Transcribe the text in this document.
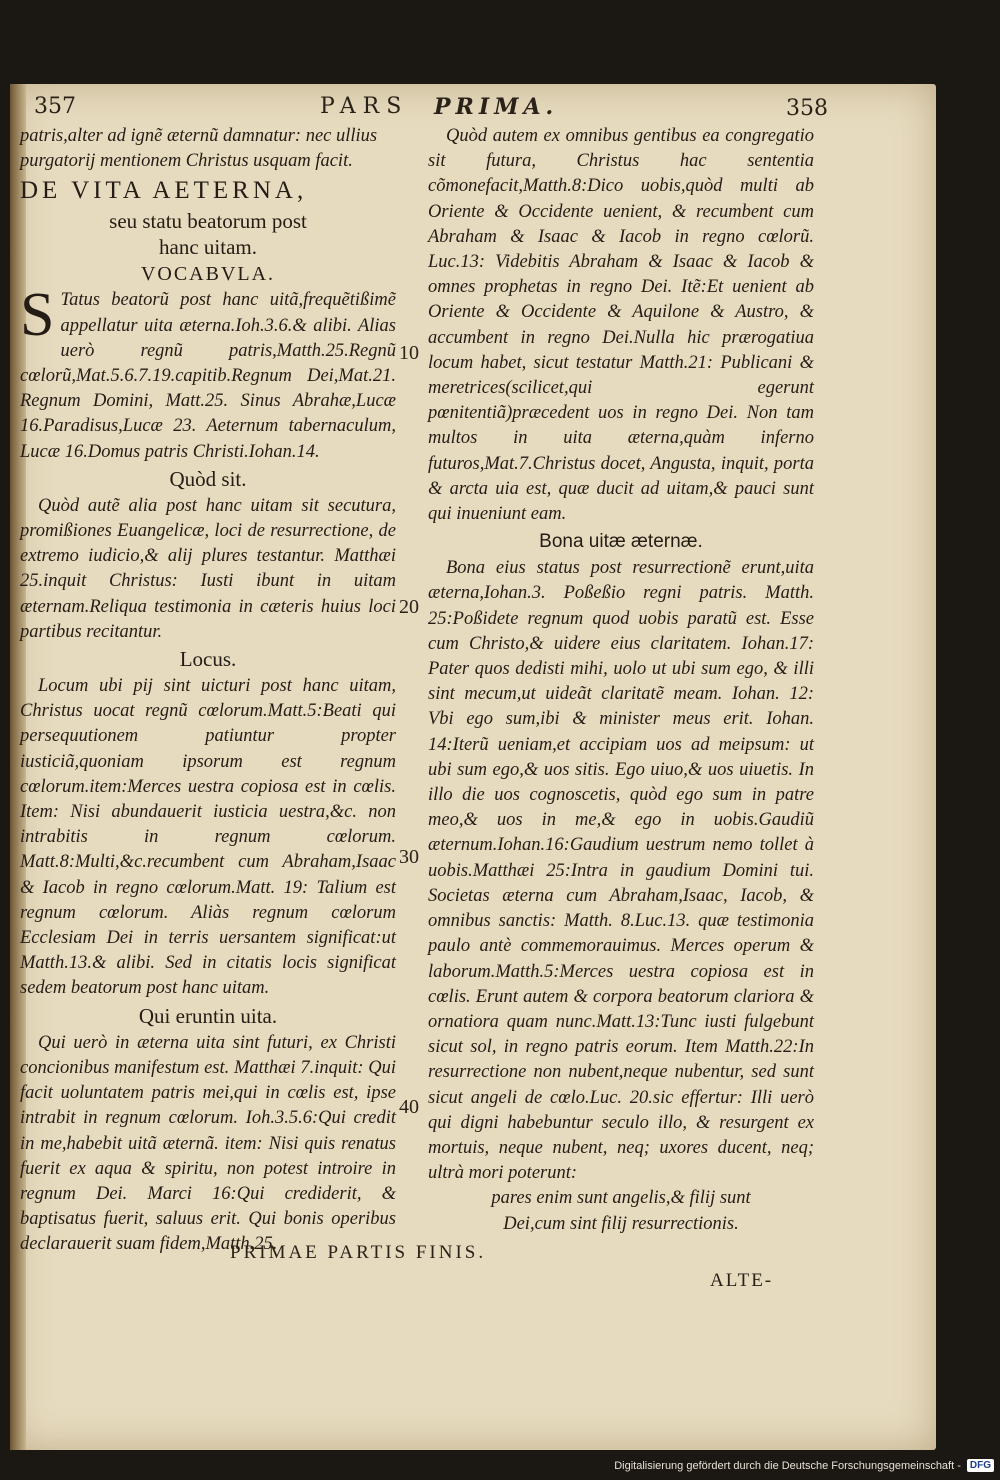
357	PARS PRIMA.	358

patris,alter ad ignẽ æternũ damnatur: nec ullius

purgatorij mentionem Christus usquam facit.

DE VITA AETERNA,
seu statu beatorum post
hanc uitam.
VOCABVLA.

S Tatus beatorũ post hanc uitã,frequẽtißimẽ appellatur uita æterna.Ioh.3.6.& alibi. Alias uerò regnũ patris,Matth.25.Regnũ cœlorũ,Mat.5.6.7.19.capitib.Regnum Dei,Mat.21. Regnum Domini, Matt.25. Sinus Abrahæ,Lucæ 16.Paradisus,Lucæ 23. Aeternum tabernaculum, Lucæ 16.Domus patris Christi.Iohan.14.

Quòd sit.

Quòd autẽ alia post hanc uitam sit secutura, promißiones Euangelicæ, loci de resurrectione, de extremo iudicio,& alij plures testantur. Matthæi 25.inquit Christus: Iusti ibunt in uitam æternam.Reliqua testimonia in cæteris huius loci partibus recitantur.

Locus.

Locum ubi pij sint uicturi post hanc uitam, Christus uocat regnũ cœlorum.Matt.5:Beati qui persequutionem patiuntur propter iusticiã,quoniam ipsorum est regnum cœlorum.item:Merces uestra copiosa est in cœlis. Item: Nisi abundauerit iusticia uestra,&c. non intrabitis in regnum cœlorum. Matt.8:Multi,&c.recumbent cum Abraham,Isaac & Iacob in regno cœlorum.Matt. 19: Talium est regnum cœlorum. Aliàs regnum cœlorum Ecclesiam Dei in terris uersantem significat:ut Matth.13.& alibi. Sed in citatis locis significat sedem beatorum post hanc uitam.

Qui eruntin uita.

Qui uerò in æterna uita sint futuri, ex Christi concionibus manifestum est. Matthæi 7.inquit: Qui facit uoluntatem patris mei,qui in cœlis est, ipse intrabit in regnum cœlorum. Ioh.3.5.6:Qui credit in me,habebit uitã æternã. item: Nisi quis renatus fuerit ex aqua & spiritu, non potest introire in regnum Dei. Marci 16:Qui crediderit, & baptisatus fuerit, saluus erit. Qui bonis operibus declarauerit suam fidem,Matth.25.

10
20
30
40

Quòd autem ex omnibus gentibus ea congregatio sit futura, Christus hac sententia cõmonefacit,Matth.8:Dico uobis,quòd multi ab Oriente & Occidente uenient, & recumbent cum Abraham & Isaac & Iacob in regno cœlorũ. Luc.13: Videbitis Abraham & Isaac & Iacob & omnes prophetas in regno Dei. Itẽ:Et uenient ab Oriente & Occidente & Aquilone & Austro, & accumbent in regno Dei.Nulla hic prærogatiua locum habet, sicut testatur Matth.21: Publicani & meretrices(scilicet,qui egerunt pœnitentiã)præcedent uos in regno Dei. Non tam multos in uita æterna,quàm inferno futuros,Mat.7.Christus docet, Angusta, inquit, porta & arcta uia est, quæ ducit ad uitam,& pauci sunt qui inueniunt eam.

Bona uitæ æternæ.

Bona eius status post resurrectionẽ erunt,uita æterna,Iohan.3. Poßeßio regni patris. Matth. 25:Poßidete regnum quod uobis paratũ est. Esse cum Christo,& uidere eius claritatem. Iohan.17: Pater quos dedisti mihi, uolo ut ubi sum ego, & illi sint mecum,ut uideãt claritatẽ meam. Iohan. 12: Vbi ego sum,ibi & minister meus erit. Iohan. 14:Iterũ ueniam,et accipiam uos ad meipsum: ut ubi sum ego,& uos sitis. Ego uiuo,& uos uiuetis. In illo die uos cognoscetis, quòd ego sum in patre meo,& uos in me,& ego in uobis.Gaudiũ æternum.Iohan.16:Gaudium uestrum nemo tollet à uobis.Matthæi 25:Intra in gaudium Domini tui. Societas æterna cum Abraham,Isaac, Iacob, & omnibus sanctis: Matth. 8.Luc.13. quæ testimonia paulo antè commemorauimus. Merces operum & laborum.Matth.5:Merces uestra copiosa est in cœlis. Erunt autem & corpora beatorum clariora & ornatiora quam nunc.Matt.13:Tunc iusti fulgebunt sicut sol, in regno patris eorum. Item Matth.22:In resurrectione non nubent,neque nubentur, sed sunt sicut angeli de cœlo.Luc. 20.sic effertur: Illi uerò qui digni habebuntur seculo illo, & resurgent ex mortuis, neque nubent, neq; uxores ducent, neq; ultrà mori poterunt:

pares enim sunt angelis,& filij sunt Dei,cum sint filij resurrectionis.

PRIMAE PARTIS FINIS.
ALTE-
Digitalisierung gefördert durch die Deutsche Forschungsgemeinschaft - DFG
